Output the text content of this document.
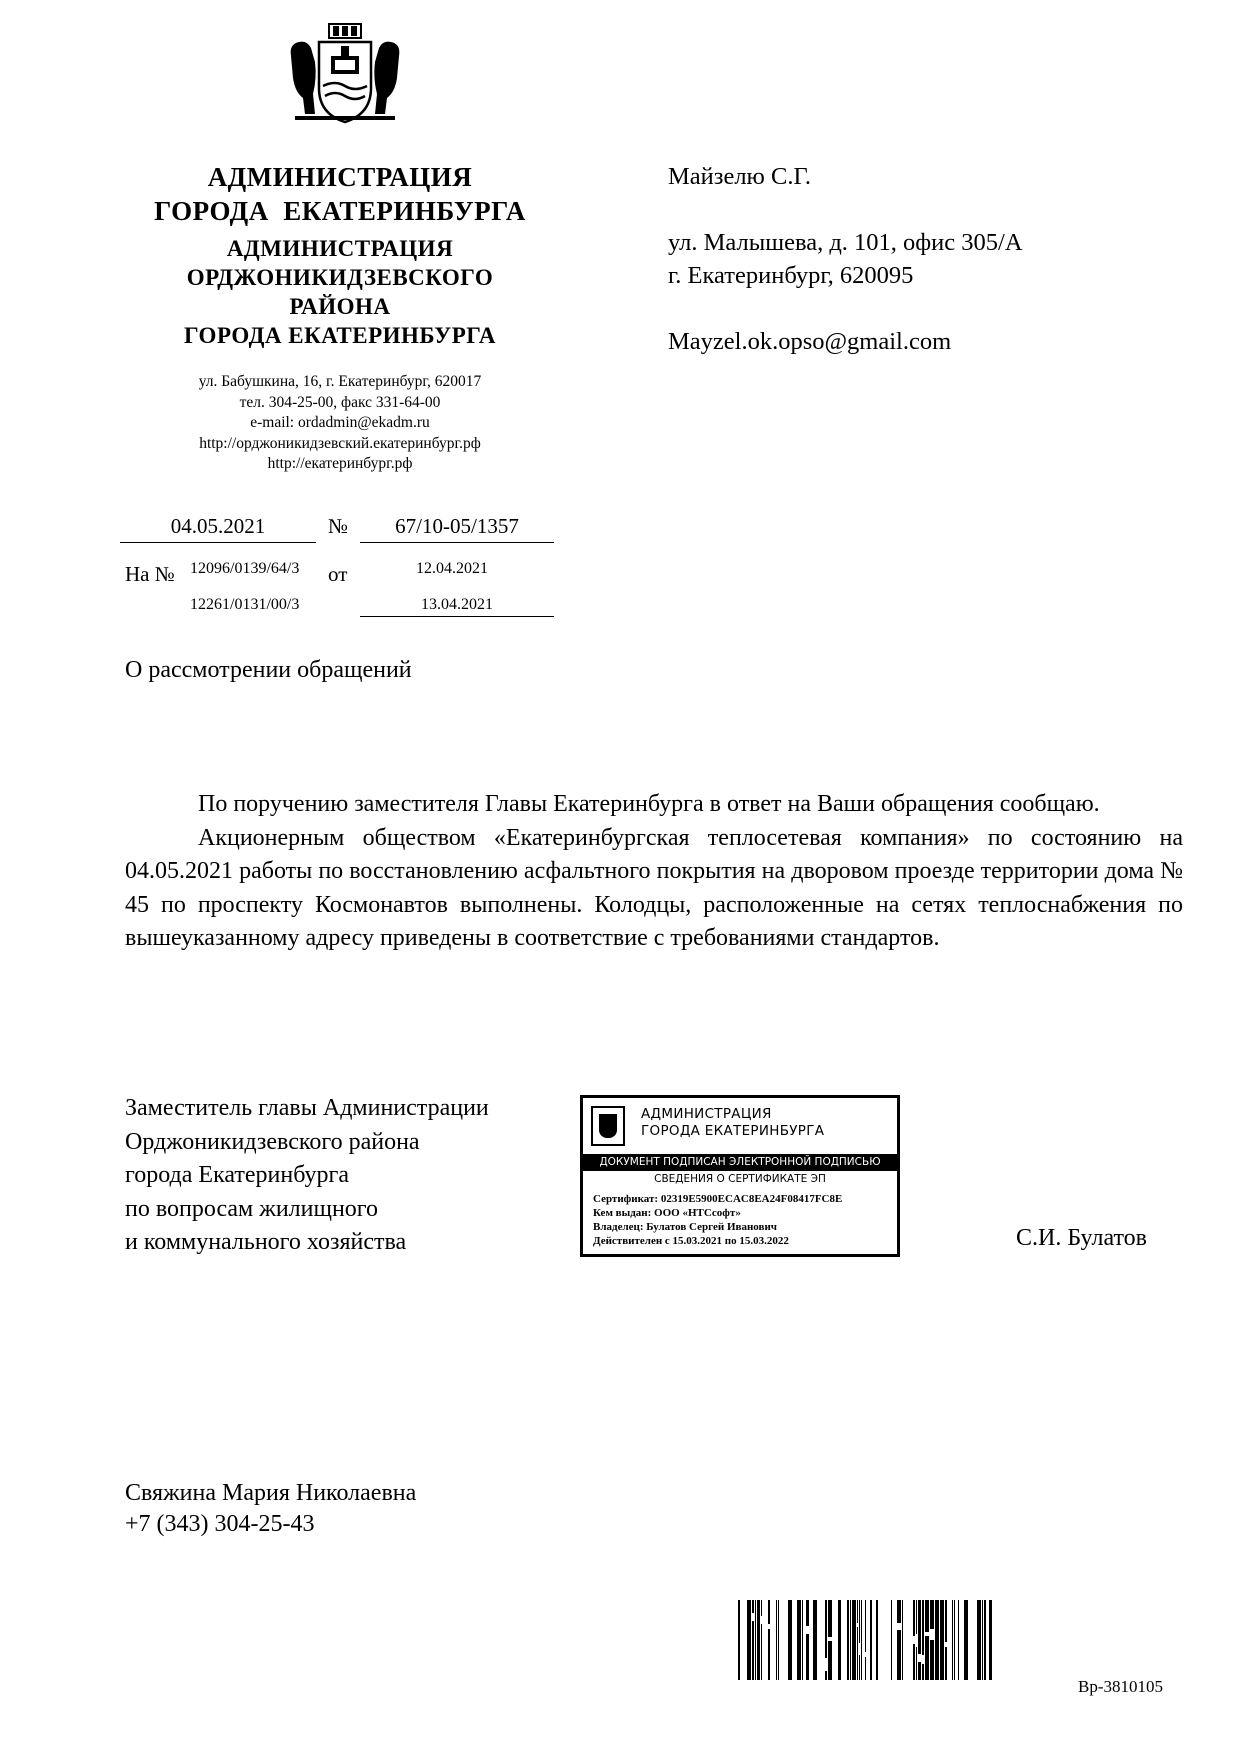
АДМИНИСТРАЦИЯ
ГОРОДА  ЕКАТЕРИНБУРГА
АДМИНИСТРАЦИЯ
ОРДЖОНИКИДЗЕВСКОГО
РАЙОНА
ГОРОДА ЕКАТЕРИНБУРГА
ул. Бабушкина, 16, г. Екатеринбург, 620017
тел. 304-25-00, факс 331-64-00
e-mail: ordadmin@ekadm.ru
http://орджоникидзевский.екатеринбург.рф
http://екатеринбург.рф
Майзелю С.Г.
ул. Малышева, д. 101, офис 305/А
г. Екатеринбург, 620095
Mayzel.ok.opso@gmail.com
04.05.2021	№	67/10-05/1357
На № 12096/0139/64/3 от	12.04.2021
12261/0131/00/3	13.04.2021
О рассмотрении обращений

По поручению заместителя Главы Екатеринбурга в ответ на Ваши обращения сообщаю.

Акционерным обществом «Екатеринбургская теплосетевая компания» по состоянию на 04.05.2021 работы по восстановлению асфальтного покрытия на дворовом проезде территории дома № 45 по проспекту Космонавтов выполнены. Колодцы, расположенные на сетях теплоснабжения по вышеуказанному адресу приведены в соответствие с требованиями стандартов.

Заместитель главы Администрации
Орджоникидзевского района
города Екатеринбурга
по вопросам жилищного
и коммунального хозяйства
АДМИНИСТРАЦИЯ
ГОРОДА ЕКАТЕРИНБУРГА
ДОКУМЕНТ ПОДПИСАН ЭЛЕКТРОННОЙ ПОДПИСЬЮ
СВЕДЕНИЯ О СЕРТИФИКАТЕ ЭП
Сертификат: 02319E5900ECAC8EA24F08417FC8E
Кем выдан: ООО «НТСсофт»
Владелец: Булатов Сергей Иванович
Действителен с 15.03.2021 по 15.03.2022	С.И. Булатов
Свяжина Мария Николаевна
+7 (343) 304-25-43
Вр-3810105
